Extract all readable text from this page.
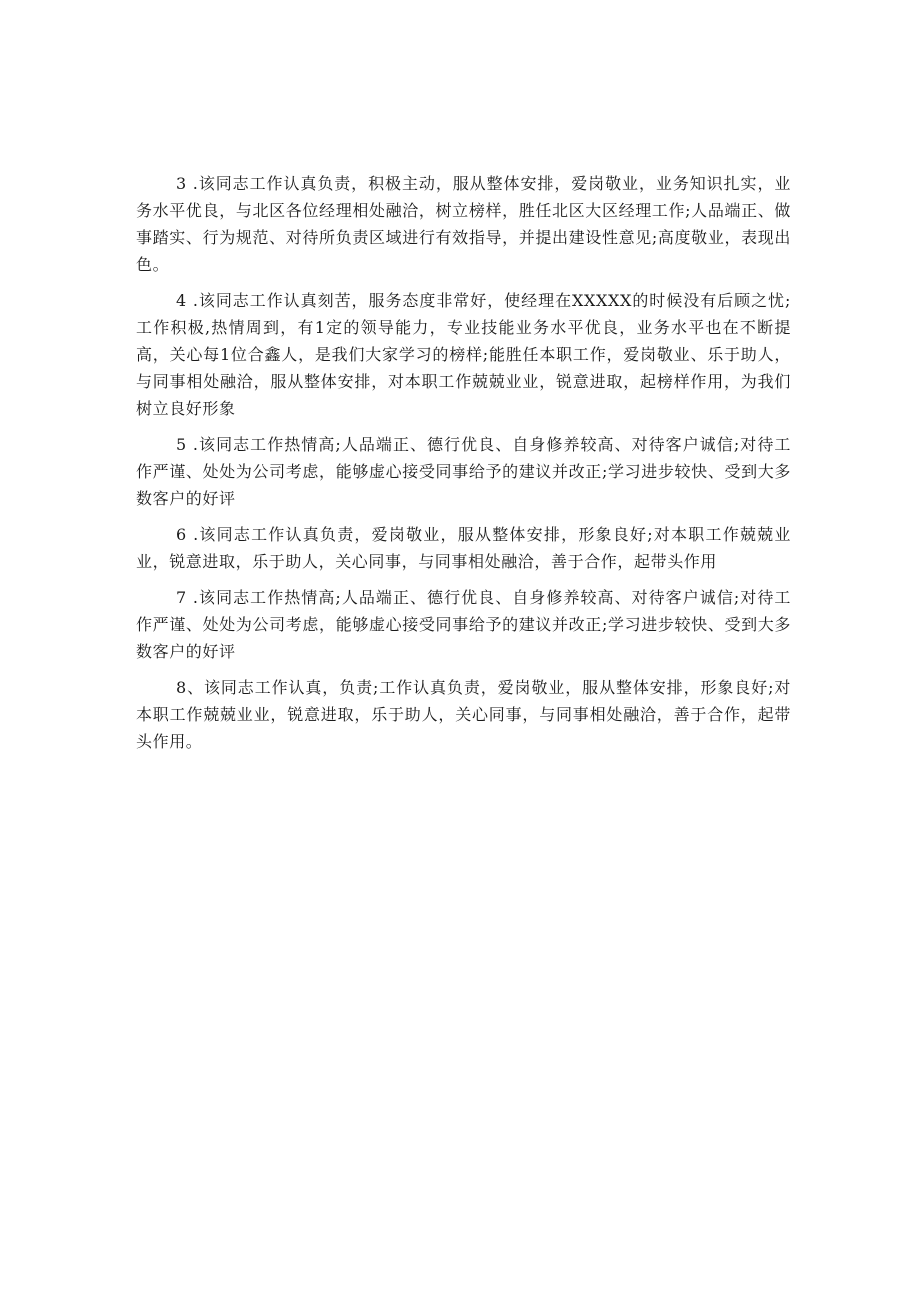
3 .该同志工作认真负责，积极主动，服从整体安排，爱岗敬业，业务知识扎实，业务水平优良，与北区各位经理相处融洽，树立榜样，胜任北区大区经理工作;人品端正、做事踏实、行为规范、对待所负责区域进行有效指导，并提出建设性意见;高度敬业，表现出色。

4 .该同志工作认真刻苦，服务态度非常好，使经理在XXXXX的时候没有后顾之忧;工作积极,热情周到，有1定的领导能力，专业技能业务水平优良，业务水平也在不断提高，关心每1位合鑫人，是我们大家学习的榜样;能胜任本职工作，爱岗敬业、乐于助人，与同事相处融洽，服从整体安排，对本职工作兢兢业业，锐意进取，起榜样作用，为我们树立良好形象

5 .该同志工作热情高;人品端正、德行优良、自身修养较高、对待客户诚信;对待工作严谨、处处为公司考虑，能够虚心接受同事给予的建议并改正;学习进步较快、受到大多数客户的好评

6 .该同志工作认真负责，爱岗敬业，服从整体安排，形象良好;对本职工作兢兢业业，锐意进取，乐于助人，关心同事，与同事相处融洽，善于合作，起带头作用

7 .该同志工作热情高;人品端正、德行优良、自身修养较高、对待客户诚信;对待工作严谨、处处为公司考虑，能够虚心接受同事给予的建议并改正;学习进步较快、受到大多数客户的好评

8、该同志工作认真，负责;工作认真负责，爱岗敬业，服从整体安排，形象良好;对本职工作兢兢业业，锐意进取，乐于助人，关心同事，与同事相处融洽，善于合作，起带头作用。
